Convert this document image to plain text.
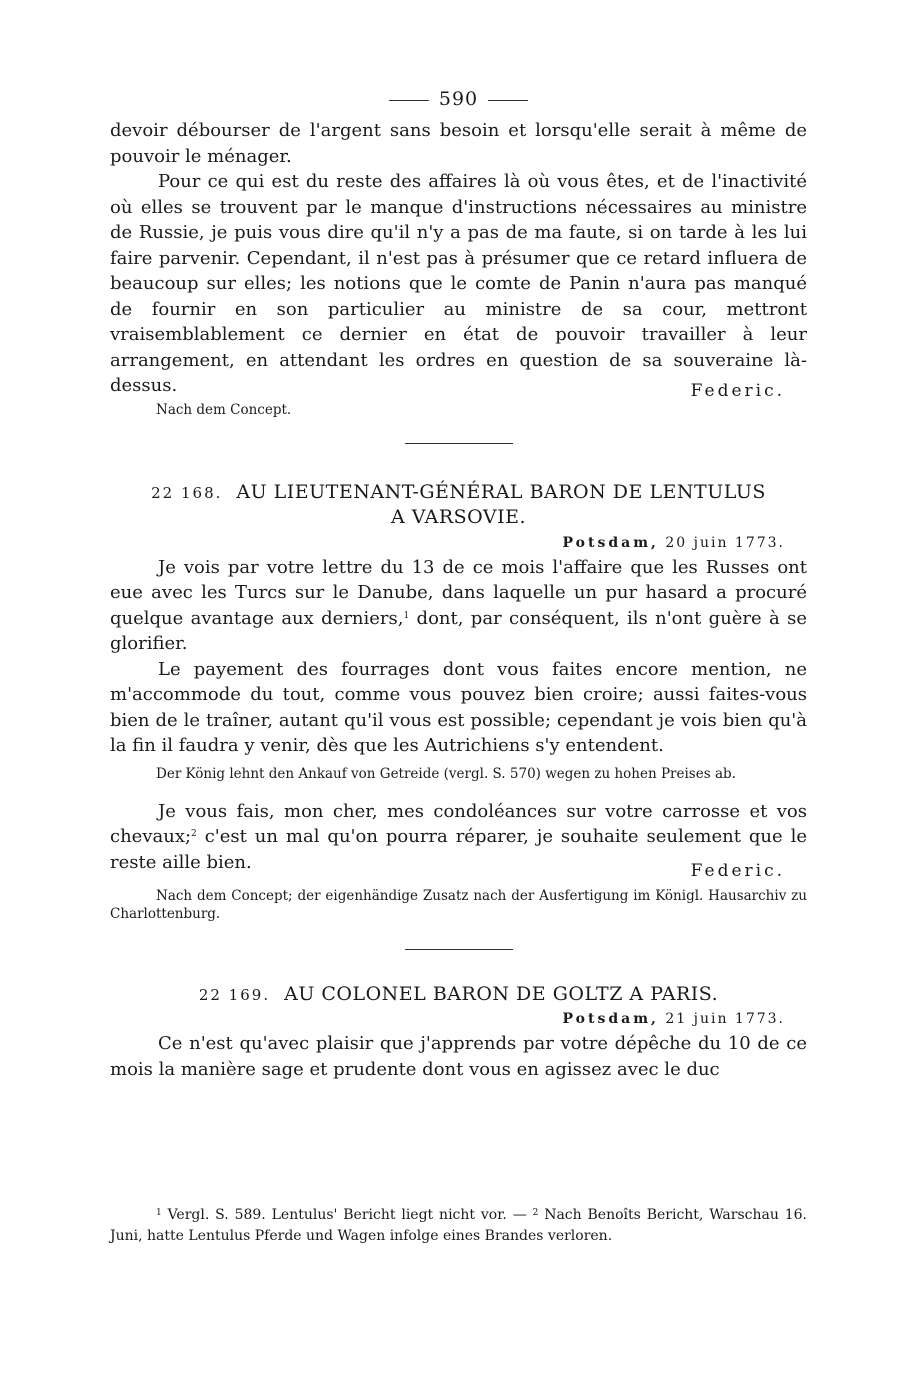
590

devoir débourser de l'argent sans besoin et lorsqu'elle serait à même de pouvoir le ménager.

Pour ce qui est du reste des affaires là où vous êtes, et de l'inactivité où elles se trouvent par le manque d'instructions nécessaires au ministre de Russie, je puis vous dire qu'il n'y a pas de ma faute, si on tarde à les lui faire parvenir. Cependant, il n'est pas à présumer que ce retard influera de beaucoup sur elles; les notions que le comte de Panin n'aura pas manqué de fournir en son particulier au ministre de sa cour, mettront vraisemblablement ce dernier en état de pouvoir travailler à leur arrangement, en attendant les ordres en question de sa souveraine là-dessus.	Federic.

Nach dem Concept.

22 168. AU LIEUTENANT-GÉNÉRAL BARON DE LENTULUS
A VARSOVIE.
Potsdam, 20 juin 1773.

Je vois par votre lettre du 13 de ce mois l'affaire que les Russes ont eue avec les Turcs sur le Danube, dans laquelle un pur hasard a procuré quelque avantage aux derniers,$^1$ dont, par conséquent, ils n'ont guère à se glorifier.

Le payement des fourrages dont vous faites encore mention, ne m'accommode du tout, comme vous pouvez bien croire; aussi faites-vous bien de le traîner, autant qu'il vous est possible; cependant je vois bien qu'à la fin il faudra y venir, dès que les Autrichiens s'y entendent.

Der König lehnt den Ankauf von Getreide (vergl. S. 570) wegen zu hohen Preises ab.

Je vous fais, mon cher, mes condoléances sur votre carrosse et vos chevaux;$^2$ c'est un mal qu'on pourra réparer, je souhaite seulement que le reste aille bien.	Federic.

Nach dem Concept; der eigenhändige Zusatz nach der Ausfertigung im Königl. Hausarchiv zu Charlottenburg.

22 169. AU COLONEL BARON DE GOLTZ A PARIS.
Potsdam, 21 juin 1773.

Ce n'est qu'avec plaisir que j'apprends par votre dépêche du 10 de ce mois la manière sage et prudente dont vous en agissez avec le duc

$^1$ Vergl. S. 589. Lentulus' Bericht liegt nicht vor. — $^2$ Nach Benoîts Bericht, Warschau 16. Juni, hatte Lentulus Pferde und Wagen infolge eines Brandes verloren.
